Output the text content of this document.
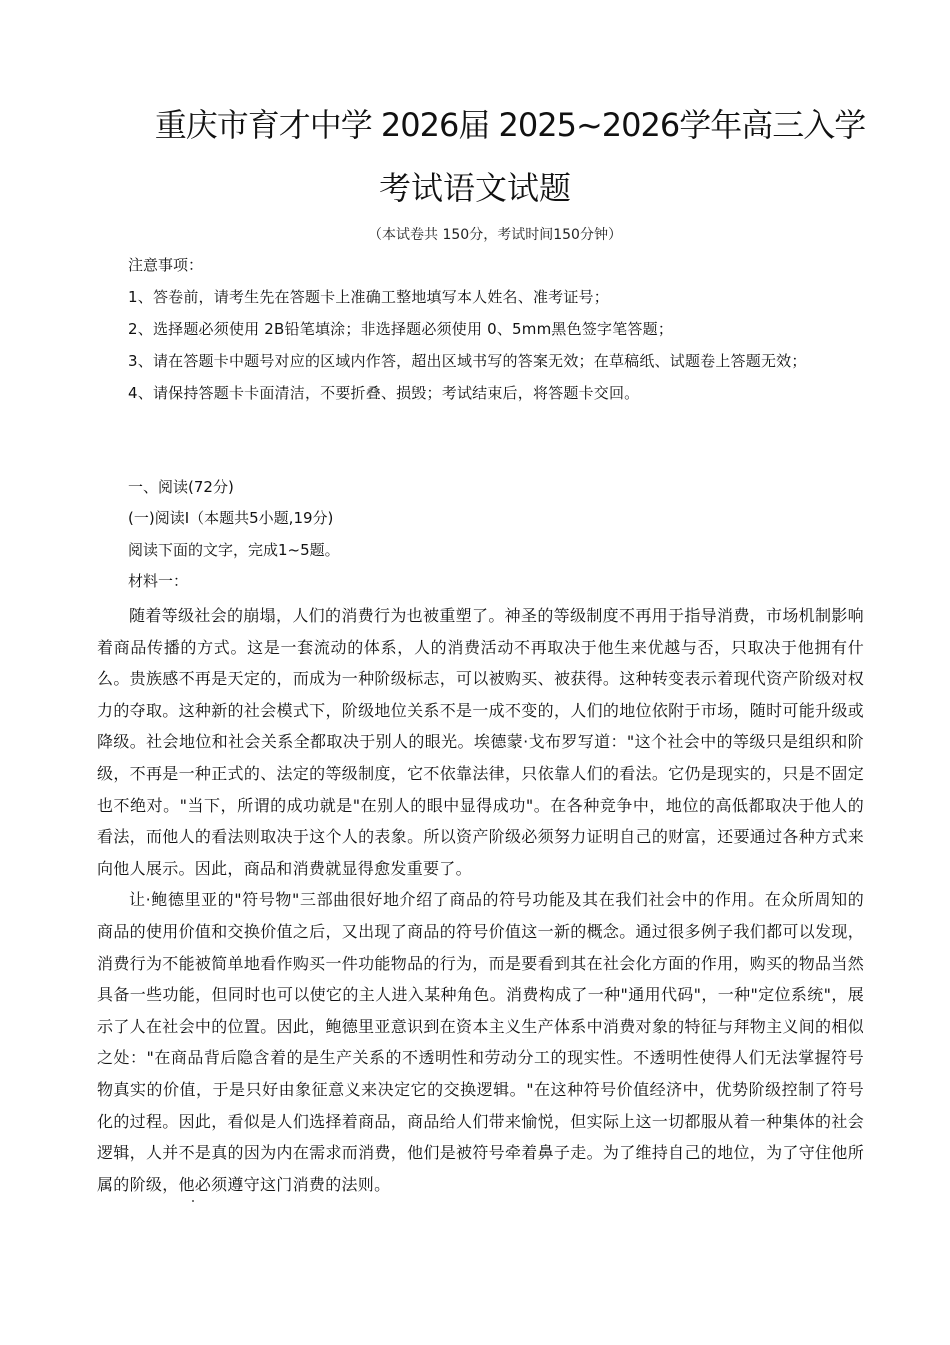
重庆市育才中学 2026届 2025~2026学年高三入学
考试语文试题
（本试卷共 150分，考试时间150分钟）
注意事项：
1、答卷前，请考生先在答题卡上准确工整地填写本人姓名、准考证号；
2、选择题必须使用 2B铅笔填涂；非选择题必须使用 0、5mm黑色签字笔答题；
3、请在答题卡中题号对应的区域内作答，超出区域书写的答案无效；在草稿纸、试题卷上答题无效；
4、请保持答题卡卡面清洁，不要折叠、损毁；考试结束后，将答题卡交回。
一、阅读(72分)
(一)阅读Ⅰ（本题共5小题,19分)
阅读下面的文字，完成1~5题。
材料一：

随着等级社会的崩塌，人们的消费行为也被重塑了。神圣的等级制度不再用于指导消费，市场机制影响着商品传播的方式。这是一套流动的体系，人的消费活动不再取决于他生来优越与否，只取决于他拥有什么。贵族感不再是天定的，而成为一种阶级标志，可以被购买、被获得。这种转变表示着现代资产阶级对权力的夺取。这种新的社会模式下，阶级地位关系不是一成不变的，人们的地位依附于市场，随时可能升级或降级。社会地位和社会关系全都取决于别人的眼光。埃德蒙·戈布罗写道："这个社会中的等级只是组织和阶级，不再是一种正式的、法定的等级制度，它不依靠法律，只依靠人们的看法。它仍是现实的，只是不固定也不绝对。"当下，所谓的成功就是"在别人的眼中显得成功"。在各种竞争中，地位的高低都取决于他人的看法，而他人的看法则取决于这个人的表象。所以资产阶级必须努力证明自己的财富，还要通过各种方式来向他人展示。因此，商品和消费就显得愈发重要了。

让·鲍德里亚的"符号物"三部曲很好地介绍了商品的符号功能及其在我们社会中的作用。在众所周知的商品的使用价值和交换价值之后，又出现了商品的符号价值这一新的概念。通过很多例子我们都可以发现，消费行为不能被简单地看作购买一件功能物品的行为，而是要看到其在社会化方面的作用，购买的物品当然具备一些功能，但同时也可以使它的主人进入某种角色。消费构成了一种"通用代码"，一种"定位系统"，展示了人在社会中的位置。因此，鲍德里亚意识到在资本主义生产体系中消费对象的特征与拜物主义间的相似之处："在商品背后隐含着的是生产关系的不透明性和劳动分工的现实性。不透明性使得人们无法掌握符号物真实的价值，于是只好由象征意义来决定它的交换逻辑。"在这种符号价值经济中，优势阶级控制了符号化的过程。因此，看似是人们选择着商品，商品给人们带来愉悦，但实际上这一切都服从着一种集体的社会逻辑，人并不是真的因为内在需求而消费，他们是被符号牵着鼻子走。为了维持自己的地位，为了守住他所属的阶级，他必须遵守这门消费的法则。
